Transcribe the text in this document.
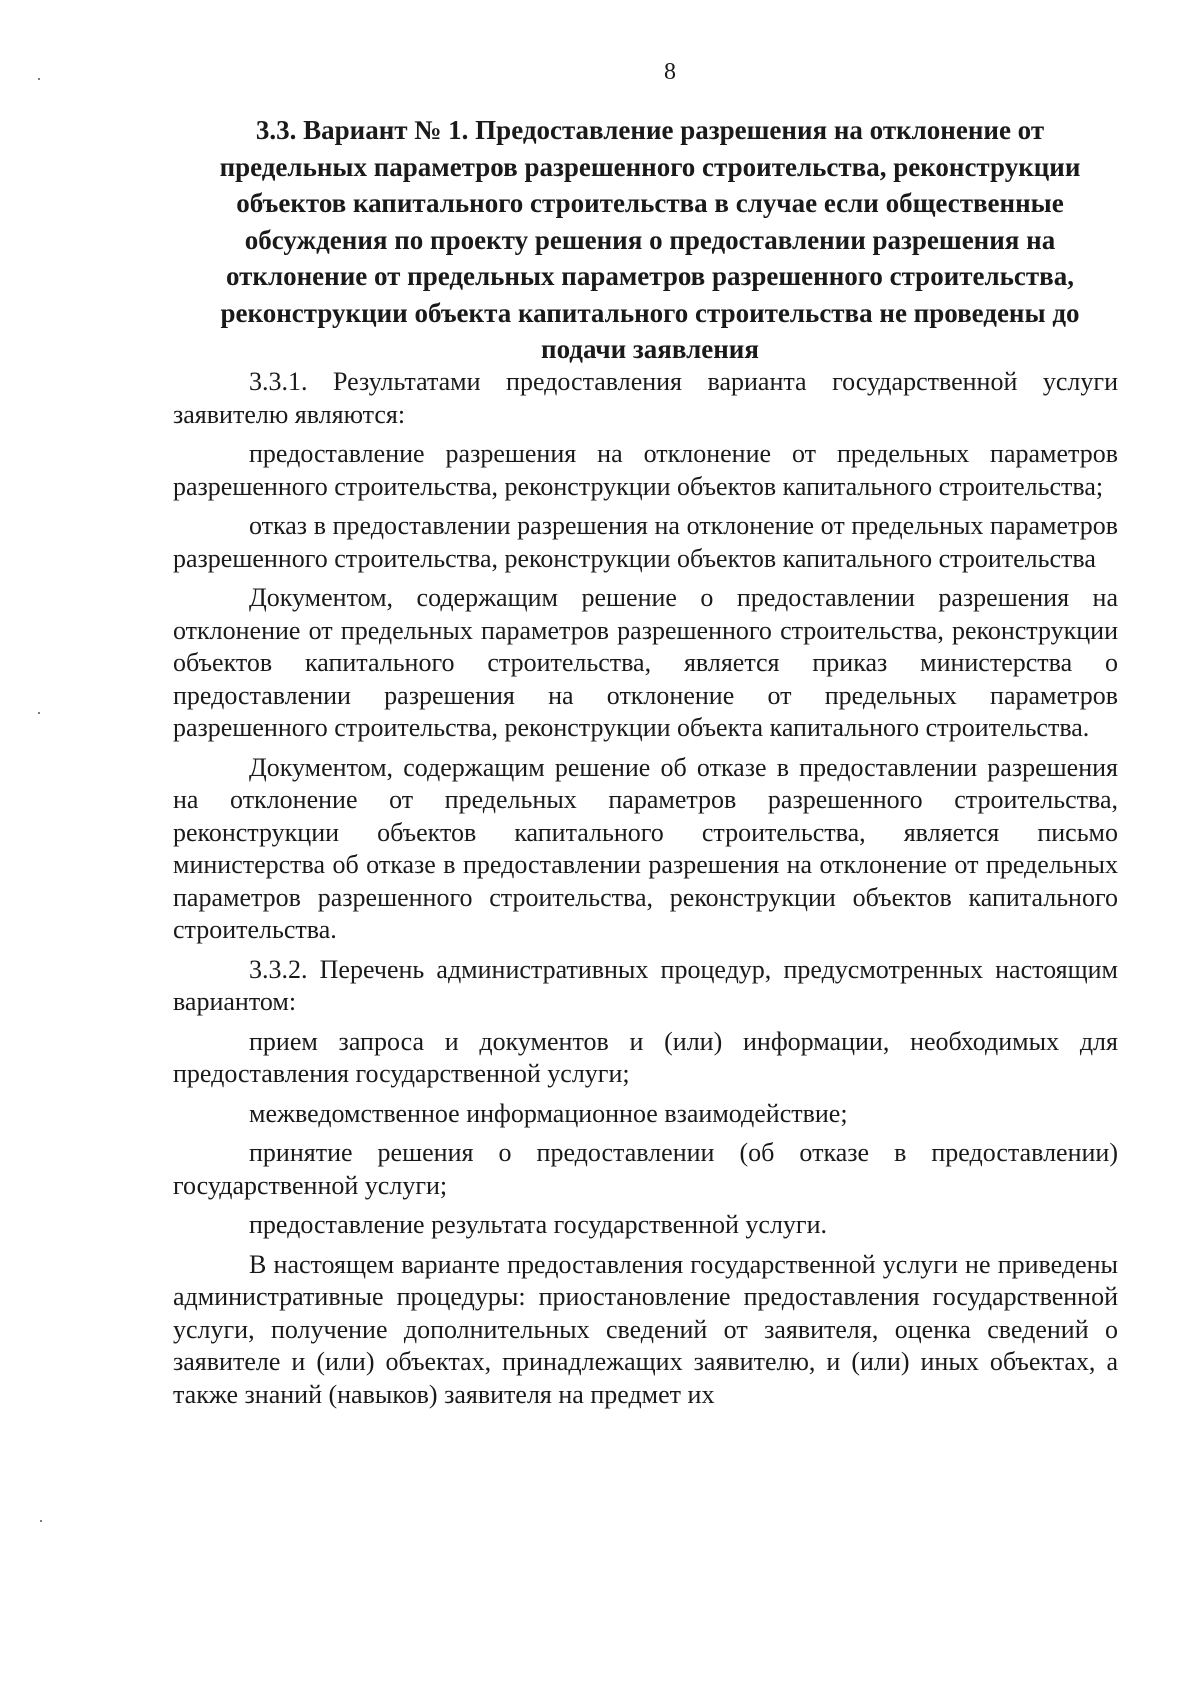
8
3.3. Вариант № 1. Предоставление разрешения на отклонение от предельных параметров разрешенного строительства, реконструкции объектов капитального строительства в случае если общественные обсуждения по проекту решения о предоставлении разрешения на отклонение от предельных параметров разрешенного строительства, реконструкции объекта капитального строительства не проведены до подачи заявления

3.3.1. Результатами предоставления варианта государственной услуги заявителю являются:

предоставление разрешения на отклонение от предельных параметров разрешенного строительства, реконструкции объектов капитального строительства;

отказ в предоставлении разрешения на отклонение от предельных параметров разрешенного строительства, реконструкции объектов капитального строительства

Документом, содержащим решение о предоставлении разрешения на отклонение от предельных параметров разрешенного строительства, реконструкции объектов капитального строительства, является приказ министерства о предоставлении разрешения на отклонение от предельных параметров разрешенного строительства, реконструкции объекта капитального строительства.

Документом, содержащим решение об отказе в предоставлении разрешения на отклонение от предельных параметров разрешенного строительства, реконструкции объектов капитального строительства, является письмо министерства об отказе в предоставлении разрешения на отклонение от предельных параметров разрешенного строительства, реконструкции объектов капитального строительства.

3.3.2. Перечень административных процедур, предусмотренных настоящим вариантом:

прием запроса и документов и (или) информации, необходимых для предоставления государственной услуги;

межведомственное информационное взаимодействие;

принятие решения о предоставлении (об отказе в предоставлении) государственной услуги;

предоставление результата государственной услуги.

В настоящем варианте предоставления государственной услуги не приведены административные процедуры: приостановление предоставления государственной услуги, получение дополнительных сведений от заявителя, оценка сведений о заявителе и (или) объектах, принадлежащих заявителю, и (или) иных объектах, а также знаний (навыков) заявителя на предмет их
